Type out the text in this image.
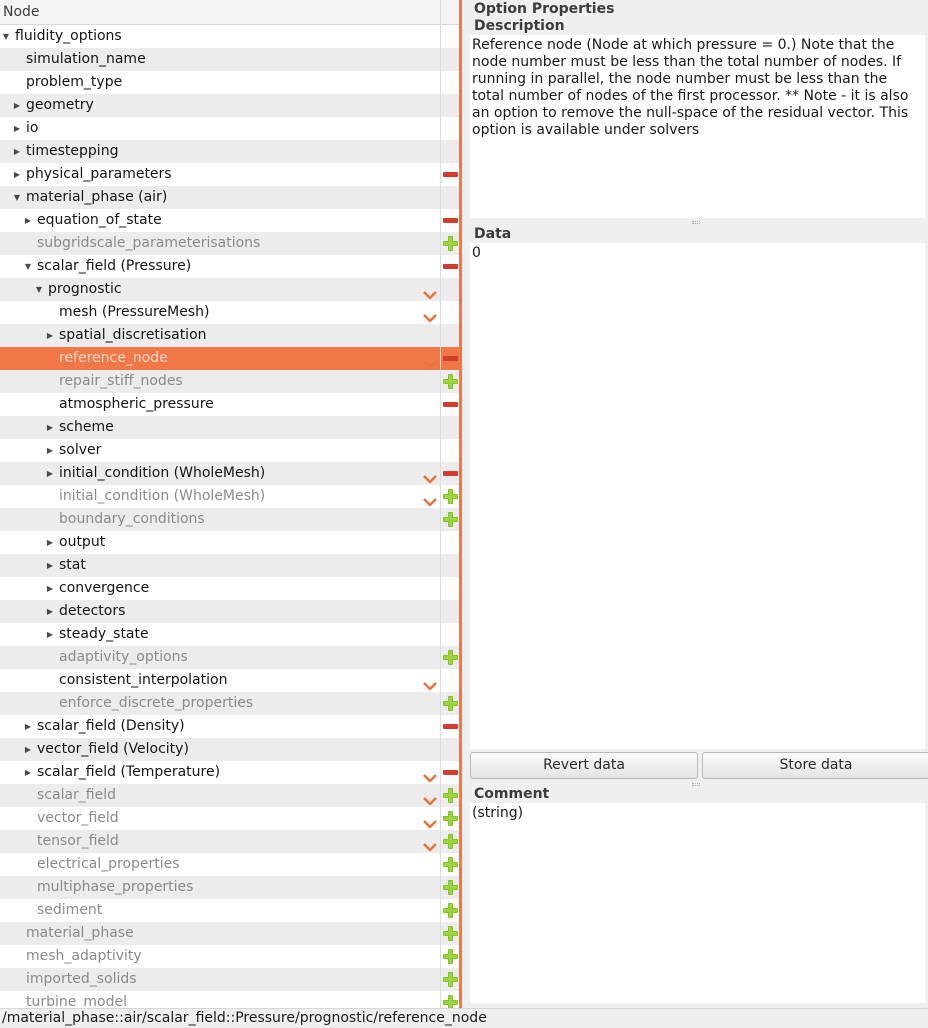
Node
▼ fluidity_options
simulation_name
problem_type
▶ geometry
▶ io
▶ timestepping
▶ physical_parameters
▼ material_phase (air)
▶ equation_of_state
subgridscale_parameterisations
▼ scalar_field (Pressure)
▼ prognostic
mesh (PressureMesh)
▶ spatial_discretisation
reference_node
repair_stiff_nodes
atmospheric_pressure
▶ scheme
▶ solver
▶ initial_condition (WholeMesh)
initial_condition (WholeMesh)
boundary_conditions
▶ output
▶ stat
▶ convergence
▶ detectors
▶ steady_state
adaptivity_options
consistent_interpolation
enforce_discrete_properties
▶ scalar_field (Density)
▶ vector_field (Velocity)
▶ scalar_field (Temperature)
scalar_field
vector_field
tensor_field
electrical_properties
multiphase_properties
sediment
material_phase
mesh_adaptivity
imported_solids
turbine_model
Option Properties
Description
Reference node (Node at which pressure = 0.) Note that the node number must be less than the total number of nodes. If running in parallel, the node number must be less than the total number of nodes of the first processor. ** Note - it is also an option to remove the null-space of the residual vector. This option is available under solvers
Data
0
Revert data	Store data
Comment
(string)
/material_phase::air/scalar_field::Pressure/prognostic/reference_node
